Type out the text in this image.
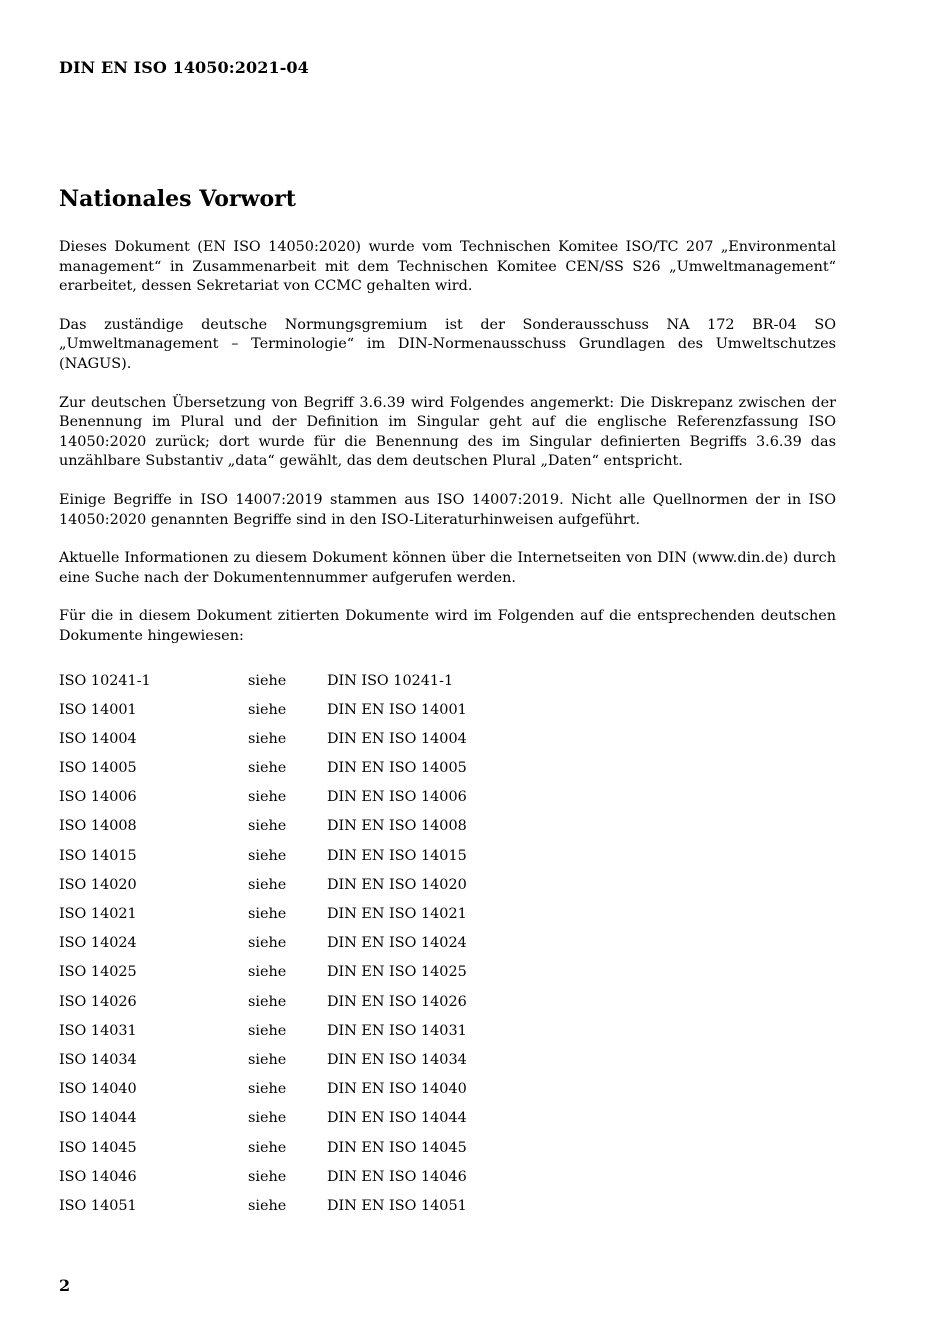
DIN EN ISO 14050:2021-04
Nationales Vorwort

Dieses Dokument (EN ISO 14050:2020) wurde vom Technischen Komitee ISO/TC 207 „Environmental management“ in Zusammenarbeit mit dem Technischen Komitee CEN/SS S26 „Umweltmanagement“ erarbeitet, dessen Sekretariat von CCMC gehalten wird.

Das zuständige deutsche Normungsgremium ist der Sonderausschuss NA 172 BR-04 SO „Umweltmanagement – Terminologie“ im DIN-Normenausschuss Grundlagen des Umweltschutzes (NAGUS).

Zur deutschen Übersetzung von Begriff 3.6.39 wird Folgendes angemerkt: Die Diskrepanz zwischen der Benennung im Plural und der Definition im Singular geht auf die englische Referenzfassung ISO 14050:2020 zurück; dort wurde für die Benennung des im Singular definierten Begriffs 3.6.39 das unzählbare Substantiv „data“ gewählt, das dem deutschen Plural „Daten“ entspricht.

Einige Begriffe in ISO 14007:2019 stammen aus ISO 14007:2019. Nicht alle Quellnormen der in ISO 14050:2020 genannten Begriffe sind in den ISO-Literaturhinweisen aufgeführt.

Aktuelle Informationen zu diesem Dokument können über die Internetseiten von DIN (www.din.de) durch eine Suche nach der Dokumentennummer aufgerufen werden.

Für die in diesem Dokument zitierten Dokumente wird im Folgenden auf die entsprechenden deutschen Dokumente hingewiesen:

ISO 10241-1	siehe	DIN ISO 10241-1
ISO 14001	siehe	DIN EN ISO 14001
ISO 14004	siehe	DIN EN ISO 14004
ISO 14005	siehe	DIN EN ISO 14005
ISO 14006	siehe	DIN EN ISO 14006
ISO 14008	siehe	DIN EN ISO 14008
ISO 14015	siehe	DIN EN ISO 14015
ISO 14020	siehe	DIN EN ISO 14020
ISO 14021	siehe	DIN EN ISO 14021
ISO 14024	siehe	DIN EN ISO 14024
ISO 14025	siehe	DIN EN ISO 14025
ISO 14026	siehe	DIN EN ISO 14026
ISO 14031	siehe	DIN EN ISO 14031
ISO 14034	siehe	DIN EN ISO 14034
ISO 14040	siehe	DIN EN ISO 14040
ISO 14044	siehe	DIN EN ISO 14044
ISO 14045	siehe	DIN EN ISO 14045
ISO 14046	siehe	DIN EN ISO 14046
ISO 14051	siehe	DIN EN ISO 14051
2
